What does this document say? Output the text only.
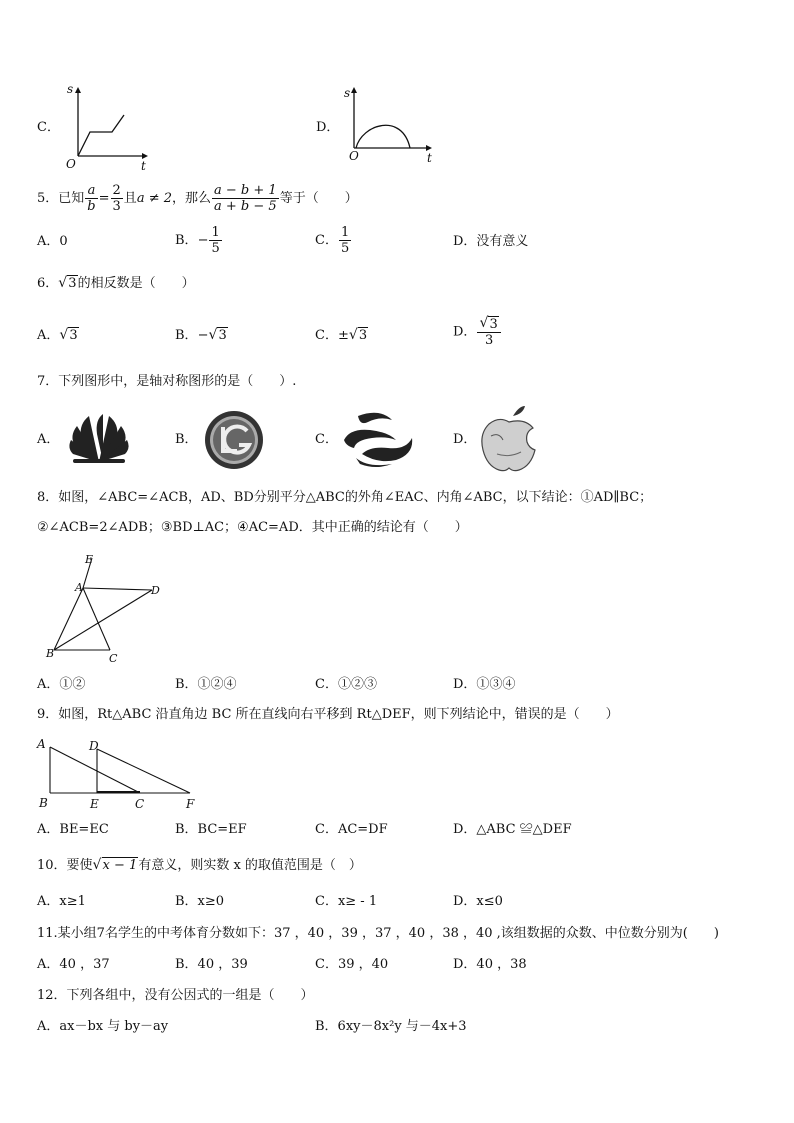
C．
s
O	t
D．
s
O	t
5．已知 $\frac{a}{b} = \frac{2}{3}$ 且a ≠ 2，那么 $\frac{a - b + 1}{a + b - 5}$ 等于（　　）
A．0	B．− $\frac{1}{5}$	C． $\frac{1}{5}$	D．没有意义
6． √ 3的相反数是（　　）
A． √ 3	B．− √ 3	C．± √ 3	D． $\frac{√ 3}{3}$
7．下列图形中，是轴对称图形的是（　　）.
A．	B．	C．	D．
8．如图，∠ABC=∠ACB，AD、BD分别平分△ABC的外角∠EAC、内角∠ABC，以下结论：①AD∥BC；
②∠ACB=2∠ADB；③BD⊥AC；④AC=AD．其中正确的结论有（　　）
E
A	D
B	C
A．①②	B．①②④	C．①②③	D．①③④
9．如图，Rt△ABC 沿直角边 BC 所在直线向右平移到 Rt△DEF，则下列结论中，错误的是（　　）
A	D
B	E	C	F
A．BE=EC	B．BC=EF	C．AC=DF	D．△ABC ≌△DEF
10．要使 √ x − 1有意义，则实数 x 的取值范围是（　）
A．x≥1	B．x≥0	C．x≥ - 1	D．x≤0
11.某小组7名学生的中考体育分数如下：37 ，40 ，39 ，37 ，40 ，38 ，40 ,该组数据的众数、中位数分别为(　　)
A．40 ，37	B．40 ，39	C．39 ，40	D．40 ，38
12．下列各组中，没有公因式的一组是（　　）
A．ax－bx 与 by－ay	B．6xy－8x²y 与－4x+3
